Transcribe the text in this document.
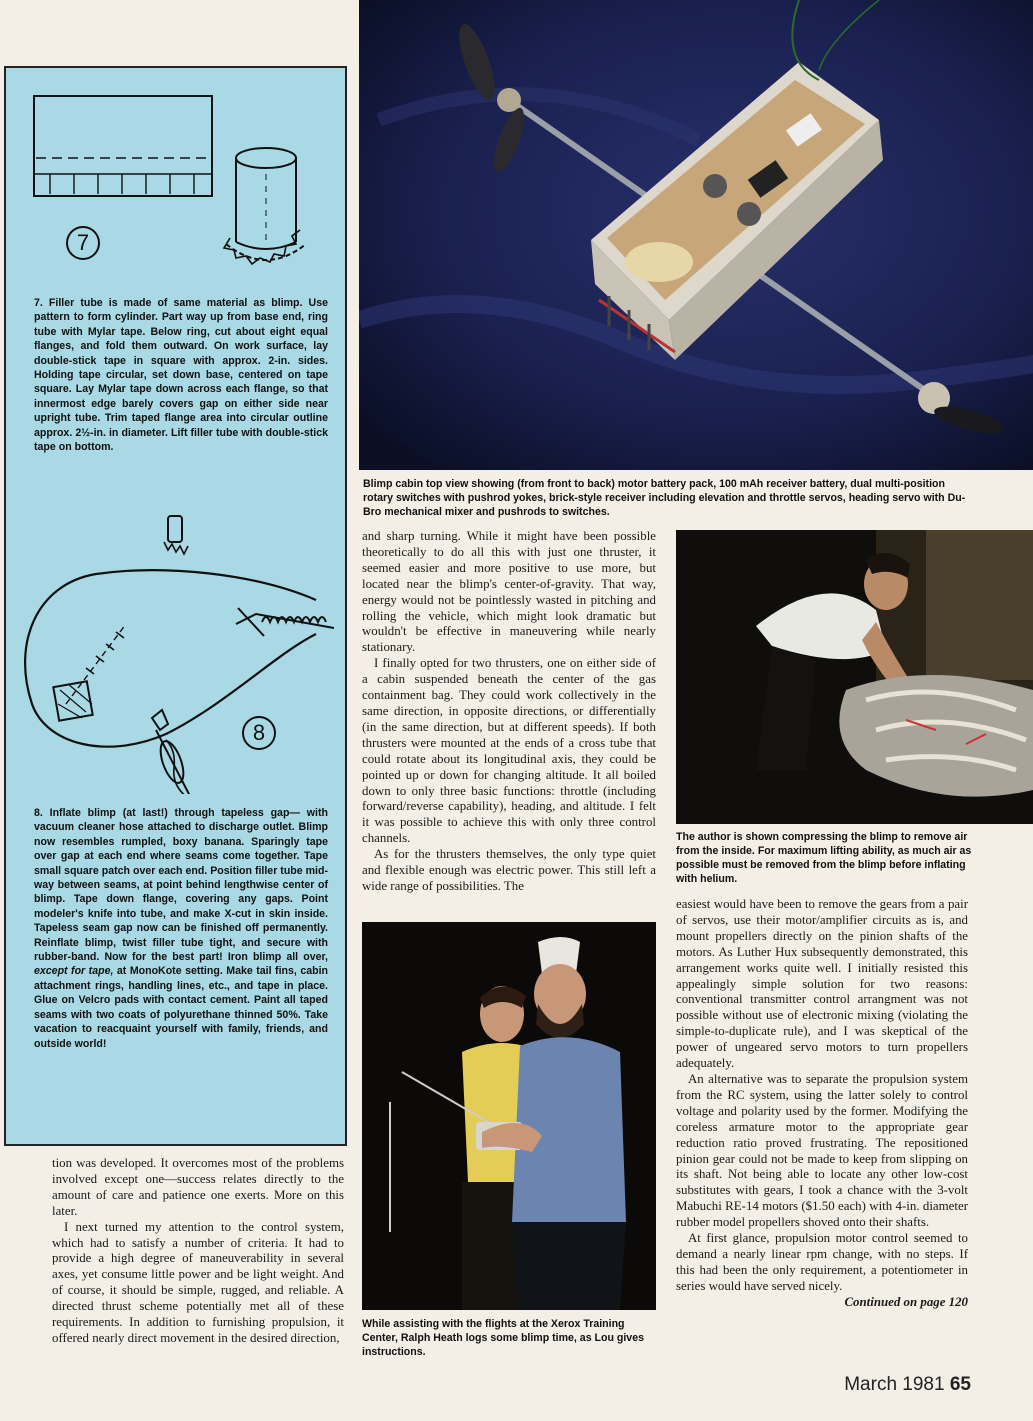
7
7. Filler tube is made of same material as blimp. Use pattern to form cylinder. Part way up from base end, ring tube with Mylar tape. Below ring, cut about eight equal flanges, and fold them outward. On work surface, lay double-stick tape in square with approx. 2-in. sides. Holding tape circular, set down base, centered on tape square. Lay Mylar tape down across each flange, so that innermost edge barely covers gap on either side near upright tube. Trim taped flange area into circular outline approx. 2½-in. in diameter. Lift filler tube with double-stick tape on bottom.
8
8. Inflate blimp (at last!) through tapeless gap— with vacuum cleaner hose attached to discharge outlet. Blimp now resembles rumpled, boxy banana. Sparingly tape over gap at each end where seams come together. Tape small square patch over each end. Position filler tube mid-way between seams, at point behind lengthwise center of blimp. Tape down flange, covering any gaps. Point modeler's knife into tube, and make X-cut in skin inside. Tapeless seam gap now can be finished off permanently. Reinflate blimp, twist filler tube tight, and secure with rubber-band. Now for the best part! Iron blimp all over, except for tape, at MonoKote setting. Make tail fins, cabin attachment rings, handling lines, etc., and tape in place. Glue on Velcro pads with contact cement. Paint all taped seams with two coats of polyurethane thinned 50%. Take vacation to reacquaint yourself with family, friends, and outside world!
Blimp cabin top view showing (from front to back) motor battery pack, 100 mAh receiver battery, dual multi-position rotary switches with pushrod yokes, brick-style receiver including elevation and throttle servos, heading servo with Du-Bro mechanical mixer and pushrods to switches.
The author is shown compressing the blimp to remove air from the inside. For maximum lifting ability, as much air as possible must be removed from the blimp before inflating with helium.
While assisting with the flights at the Xerox Training Center, Ralph Heath logs some blimp time, as Lou gives instructions.

tion was developed. It overcomes most of the problems involved except one—success relates directly to the amount of care and patience one exerts. More on this later.

I next turned my attention to the control system, which had to satisfy a number of criteria. It had to provide a high degree of maneuverability in several axes, yet consume little power and be light weight. And of course, it should be simple, rugged, and reliable. A directed thrust scheme potentially met all of these requirements. In addition to furnishing propulsion, it offered nearly direct movement in the desired direction,

and sharp turning. While it might have been possible theoretically to do all this with just one thruster, it seemed easier and more positive to use more, but located near the blimp's center-of-gravity. That way, energy would not be pointlessly wasted in pitching and rolling the vehicle, which might look dramatic but wouldn't be effective in maneuvering while nearly stationary.

I finally opted for two thrusters, one on either side of a cabin suspended beneath the center of the gas containment bag. They could work collectively in the same direction, in opposite directions, or differentially (in the same direction, but at different speeds). If both thrusters were mounted at the ends of a cross tube that could rotate about its longitudinal axis, they could be pointed up or down for changing altitude. It all boiled down to only three basic functions: throttle (including forward/reverse capability), heading, and altitude. I felt it was possible to achieve this with only three control channels.

As for the thrusters themselves, the only type quiet and flexible enough was electric power. This still left a wide range of possibilities. The

easiest would have been to remove the gears from a pair of servos, use their motor/amplifier circuits as is, and mount propellers directly on the pinion shafts of the motors. As Luther Hux subsequently demonstrated, this arrangement works quite well. I initially resisted this appealingly simple solution for two reasons: conventional transmitter control arrangment was not possible without use of electronic mixing (violating the simple-to-duplicate rule), and I was skeptical of the power of ungeared servo motors to turn propellers adequately.

An alternative was to separate the propulsion system from the RC system, using the latter solely to control voltage and polarity used by the former. Modifying the coreless armature motor to the appropriate gear reduction ratio proved frustrating. The repositioned pinion gear could not be made to keep from slipping on its shaft. Not being able to locate any other low-cost substitutes with gears, I took a chance with the 3-volt Mabuchi RE-14 motors ($1.50 each) with 4-in. diameter rubber model propellers shoved onto their shafts.

At first glance, propulsion motor control seemed to demand a nearly linear rpm change, with no steps. If this had been the only requirement, a potentiometer in series would have served nicely.

Continued on page 120

March 1981 65
